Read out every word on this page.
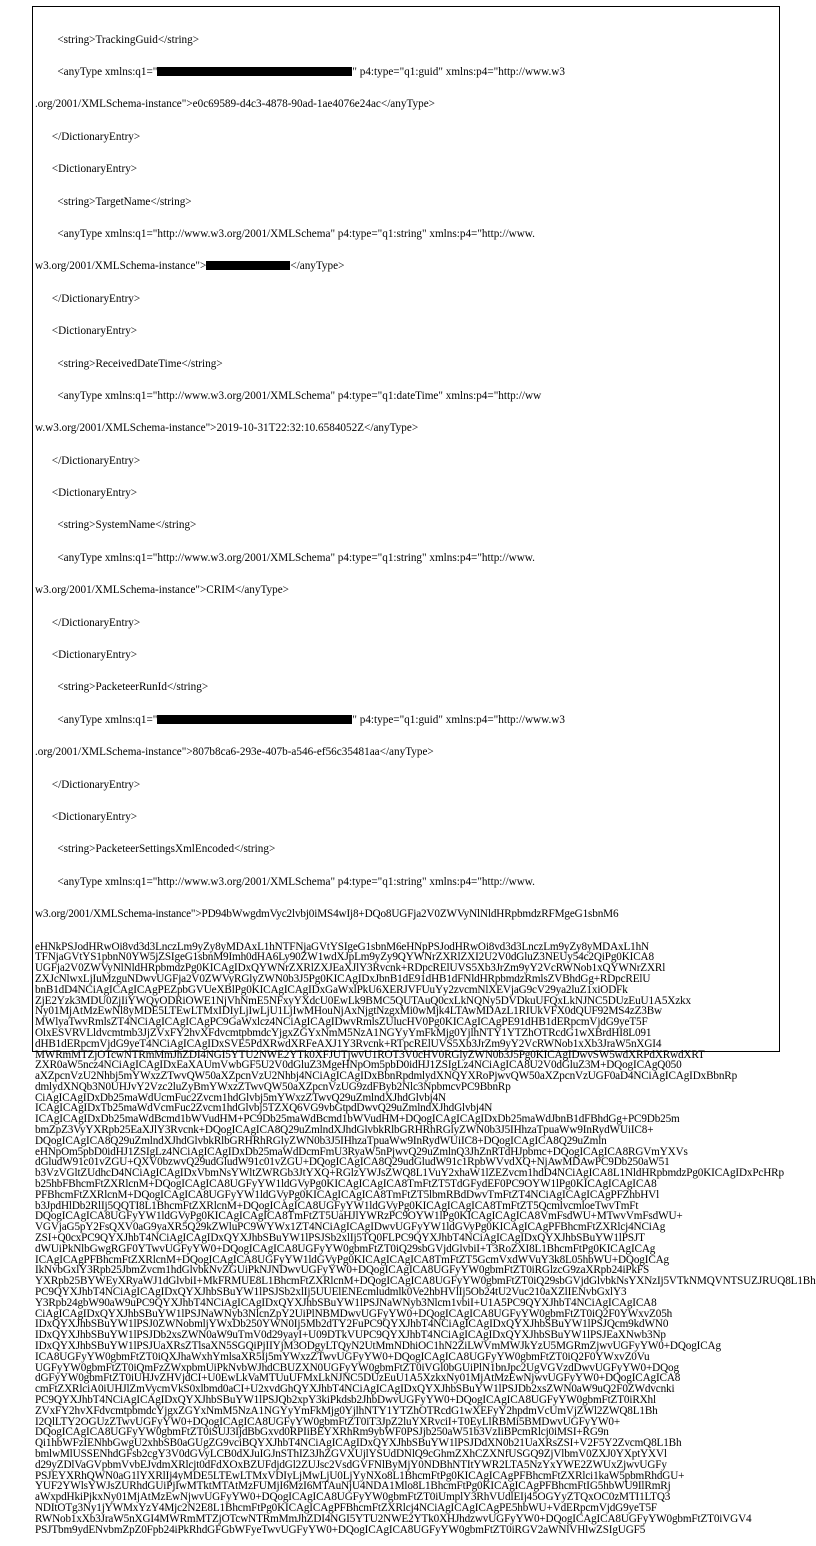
<string>TrackingGuid</string>

<anyType xmlns:q1="	" p4:type="q1:guid" xmlns:p4="http://www.w3

.org/2001/XMLSchema-instance">e0c69589-d4c3-4878-90ad-1ae4076e24ac</anyType>

</DictionaryEntry>

<DictionaryEntry>

<string>TargetName</string>

<anyType xmlns:q1="http://www.w3.org/2001/XMLSchema" p4:type="q1:string" xmlns:p4="http://www.

w3.org/2001/XMLSchema-instance">	</anyType>

</DictionaryEntry>

<DictionaryEntry>

<string>ReceivedDateTime</string>

<anyType xmlns:q1="http://www.w3.org/2001/XMLSchema" p4:type="q1:dateTime" xmlns:p4="http://ww

w.w3.org/2001/XMLSchema-instance">2019-10-31T22:32:10.6584052Z</anyType>

</DictionaryEntry>

<DictionaryEntry>

<string>SystemName</string>

<anyType xmlns:q1="http://www.w3.org/2001/XMLSchema" p4:type="q1:string" xmlns:p4="http://www.

w3.org/2001/XMLSchema-instance">CRIM</anyType>

</DictionaryEntry>

<DictionaryEntry>

<string>PacketeerRunId</string>

<anyType xmlns:q1="	" p4:type="q1:guid" xmlns:p4="http://www.w3

.org/2001/XMLSchema-instance">807b8ca6-293e-407b-a546-ef56c35481aa</anyType>

</DictionaryEntry>

<DictionaryEntry>

<string>PacketeerSettingsXmlEncoded</string>

<anyType xmlns:q1="http://www.w3.org/2001/XMLSchema" p4:type="q1:string" xmlns:p4="http://www.

w3.org/2001/XMLSchema-instance">PD94bWwgdmVyc2lvbj0iMS4wIj8+DQo8UGFja2V0ZWVyNlNldHRpbmdzRFMgeG1sbnM6

eHNkPSJodHRwOi8vd3d3LnczLm9yZy8yMDAxL1hNTFNjaGVtYSIgeG1sbnM6eHNpPSJodHRwOi8vd3d3LnczLm9yZy8yMDAxL1hN
TFNjaGVtYS1pbnN0YW5jZSIgeG1sbnM9Imh0dHA6Ly90ZW1wdXJpLm9yZy9QYWNrZXRlZXI2U2V0dGluZ3NEUy54c2QiPg0KICA8
UGFja2V0ZWVyNlNldHRpbmdzPg0KICAgIDxQYWNrZXRlZXJEaXJlY3Rvcnk+RDpcRElUVS5Xb3JrZm9yY2VcRWNob1xQYWNrZXRl
ZXJcNlwxLjIuMzguNDwvUGFja2V0ZWVyRGlyZWN0b3J5Pg0KICAgIDxJbnB1dE91dHB1dFNldHRpbmdzRmlsZVBhdGg+RDpcRElU
bnB1dD4NCiAgICAgICAgPEZpbGVUeXBlPg0KICAgICAgIDxGaWxlPkU6XERJVFUuYy2zvcmNlXEVjaG9cV29ya2luZ1xiODFk
ZjE2Yzk3MDU0ZjIiYWQyODRiOWE1NjVhNmE5NFxyYXdcU0EwLk9BMC5QUTAuQ0cxLkNQNy5DVDkuUFQxLkNJNC5DUzEuU1A5Xzkx
Ny01MjAtMzEwNl8yMDE5LTEwLTMxIDIyLjIwLjU1LjIwMHouNjAxNjgtNzgxMi0wMjk4LTAwMDAzL1RIUkVFX0dQUF92MS4zZ3Bw
MWlyaTwvRmlsZT4NCiAgICAgICAgPC9GaWxlcz4NCiAgICAgIDwvRmlsZUlucHV0Pg0KICAgICAgPE91dHB1dERpcmVjdG9yeT5F
OlxESVRVLldvcmtmb3JjZVxFY2hvXFdvcmtpbmdcYjgxZGYxNmM5NzA1NGYyYmFkMjg0YjlhNTY1YTZhOTRcdG1wXBrdHI8L091
dHB1dERpcmVjdG9yeT4NCiAgICAgIDxSVE5PdXRwdXRFeAXJ1Y3Rvcnk+RTpcRElUVS5Xb3JrZm9yY2VcRWNob1xXb3JraW5nXGI4
MWRmMTZjOTcwNTRmMmJhZDI4NGI5YTU2NWE2YTk0XFJUTjwvU1ROT3V0cHV0RGlyZWN0b3J5Pg0KICAgIDwvSW5wdXRPdXRwdXRT
ZXR0aW5ncz4NCiAgICAgIDxEaXAUmVwbGF5U2V0dGluZ3MgeHNpOm5pbD0idHJ1ZSIgLz4NCiAgICA8U2V0dGluZ3M+DQogICAgQ050
aXZpcnVzU2Nhbj5mYWxzZTwvQW50aXZpcnVzU2Nhbj4NCiAgICAgIDxBbnRpdmlydXNQYXRoPjwvQW50aXZpcnVzUGF0aD4NCiAgICAgIDxBbnRp
dmlydXNQb3N0UHJvY2Vzc2luZyBmYWxzZTwvQW50aXZpcnVzUG9zdFByb2Nlc3NpbmcvPC9BbnRp
CiAgICAgIDxDb25maWdUcmFuc2Zvcm1hdGlvbj5mYWxzZTwvQ29uZmlndXJhdGlvbj4N
ICAgICAgIDxTb25maWdVcmFuc2Zvcm1hdGlvbj5TZXQ6VG9vbGtpdDwvQ29uZmlndXJhdGlvbj4N
ICAgICAgIDxDb25maWdBcmd1bWVudHM+PC9Db25maWdBcmd1bWVudHM+DQogICAgICAgIDxDb25maWdJbnB1dFBhdGg+PC9Db25m
bmZpZ3VyYXRpb25EaXJlY3Rvcnk+DQogICAgICA8Q29uZmlndXJhdGlvbkRlbGRHRhRGlyZWN0b3J5IHhzaTpuaWw9InRydWUiIC8+
DQogICAgICA8Q29uZmlndXJhdGlvbkRlbGRHRhRGlyZWN0b3J5IHhzaTpuaWw9InRydWUiIC8+DQogICAgICA8Q29uZmln
eHNpOm5pbD0idHJ1ZSIgLz4NCiAgICAgIDxDb25maWdDcmFmU3RyaW5nPjwvQ29uZmlnQ3JhZnRTdHJpbmc+DQogICAgICA8RGVmYXVs
dGludW91c01vZGU+QXV0bzwvQ29udGludW91c01vZGU+DQogICAgICA8Q29udGludW91c1RpbWVvdXQ+NjAwMDAwPC9Db250aW51
b3VzVGltZUdhcD4NCiAgICAgIDxVbmNsYWltZWRGb3JtYXQ+RGlzYWJsZWQ8L1VuY2xhaW1lZEZvcm1hdD4NCiAgICA8L1NldHRpbmdzPg0KICAgIDxPcHRp
b25hbFBhcmFtZXRlcnM+DQogICAgICA8UGFyYW1ldGVyPg0KICAgICAgICA8TmFtZT5TdGFydEF0PC9OYW1lPg0KICAgICAgICA8
PFBhcmFtZXRlcnM+DQogICAgICA8UGFyYW1ldGVyPg0KICAgICAgICA8TmFtZT5lbmRBdDwvTmFtZT4NCiAgICAgICAgPFZhbHVl
b3JpdHlDb2RlIj5QQTI8L1BhcmFtZXRlcnM+DQogICAgICA8UGFyYW1ldGVyPg0KICAgICAgICA8TmFtZT5QcmlvcmloeTwvTmFt
DQogICAgICA8UGFyYW1ldGVyPg0KICAgICAgICA8TmFtZT5UaHJlYWRzPC9OYW1lPg0KICAgICAgICA8VmFsdWU+MTwvVmFsdWU+
VGVjaG5pY2FsQXV0aG9yaXR5Q29kZWluPC9WYWx1ZT4NCiAgICAgIDwvUGFyYW1ldGVyPg0KICAgICAgPFBhcmFtZXRlcj4NCiAg
ZSI+Q0cxPC9QYXJhbT4NCiAgICAgIDxQYXJhbSBuYW1lPSJSb2xlIj5TQ0FLPC9QYXJhbT4NCiAgICAgIDxQYXJhbSBuYW1lPSJT
dWUiPkNlbGwgRGF0YTwvUGFyYW0+DQogICAgICA8UGFyYW0gbmFtZT0iQ29sbGVjdGlvbiI+T3RoZXI8L1BhcmFtPg0KICAgICAg
ICAgICAgPFBhcmFtZXRlcnM+DQogICAgICA8UGFyYW1ldGVyPg0KICAgICAgICA8TmFtZT5GcmVxdWVuY3k8L05hbWU+DQogICAg
IkNvbGxlY3Rpb25JbmZvcm1hdGlvbkNvZGUiPkNJNDwvUGFyYW0+DQogICAgICA8UGFyYW0gbmFtZT0iRGlzcG9zaXRpb24iPkFS
YXRpb25BYWEyXRyaWJ1dGlvbiI+MkFRMUE8L1BhcmFtZXRlcnM+DQogICAgICA8UGFyYW0gbmFtZT0iQ29sbGVjdGlvbkNsYXNzIj5VTkNMQVNTSUZJRUQ8L1Bh
PC9QYXJhbT4NCiAgICAgIDxQYXJhbSBuYW1lPSJSb2xlIj5UUElENEcmludmlk0Ve2hbHVlIj5Ob24tU2Vuc210aXZlIENvbGxlY3
Y3Rpb24gbW90aW9uPC9QYXJhbT4NCiAgICAgIDxQYXJhbSBuYW1lPSJNaWNyb3Nlcm1vbiI+U1A5PC9QYXJhbT4NCiAgICAgICA8
CiAgICAgIDxQYXJhbSBuYW1lPSJNaWNyb3NlcnZpY2UiPlNBMDwvUGFyYW0+DQogICAgICA8UGFyYW0gbmFtZT0iQ2F0YWxvZ05h
IDxQYXJhbSBuYW1lPSJ0ZWNobmljYWxDb250YWN0Ij5Mb2dTY2FuPC9QYXJhbT4NCiAgICAgIDxQYXJhbSBuYW1lPSJQcm9kdWN0
IDxQYXJhbSBuYW1lPSJDb2xsZWN0aW9uTmV0d29yayI+U09DTkVUPC9QYXJhbT4NCiAgICAgIDxQYXJhbSBuYW1lPSJEaXNwb3Np
IDxQYXJhbSBuYW1lPSJUaXRsZTlsaXN5SGQiPjIIYjM3ODgyLTQyN2UtMmNDhiOC1hN2ZiLWVmMWJkYzU5MGRmZjwvUGFyYW0+DQogICAg
ICA8UGFyYW0gbmFtZT0iQXJhaWxhYmlsaXR5Ij5mYWxzZTwvUGFyYW0+DQogICAgICA8UGFyYW0gbmFtZT0iQ2F0YWxvZ0Vu
UGFyYW0gbmFtZT0iQmFzZWxpbmUiPkNvbWJhdCBUZXN0UGFyYW0gbmFtZT0iVGl0bGUiPlN1bnJpc2UgVGVzdDwvUGFyYW0+DQog
dGFyYW0gbmFtZT0iUHJvZHVjdCI+U0EwLkVaMTUuUFMxLkNJNC5DUzEuU1A5XzkxNy01MjAtMzEwNjwvUGFyYW0+DQogICAgICA8
cmFtZXRlciA0iUHJlZmVycmVkS0xlbmd0aCI+U2xvdGhQYXJhbT4NCiAgICAgIDxQYXJhbSBuYW1lPSJDb2xsZWN0aW9uQ2F0ZWdvcnki
PC9QYXJhbT4NCiAgICAgIDxQYXJhbSBuYW1lPSJQb2xpY3kiPkdsb2JhbDwvUGFyYW0+DQogICAgICA8UGFyYW0gbmFtZT0iRXhl
ZVxFY2hvXFdvcmtpbmdcYjgxZGYxNmM5NzA1NGYyYmFkMjg0YjlhNTY1YTZhOTRcdG1wXEFyY2hpdmVcUmVjZWl2ZWQ8L1Bh
I2QlLTY2OGUzZTwvUGFyYW0+DQogICAgICA8UGFyYW0gbmFtZT0iT3JpZ2luYXRvciI+T0EyLlRBMi5BMDwvUGFyYW0+
DQogICAgICA8UGFyYW0gbmFtZT0iSUJ3IjdBbGxvd0RPIiBEYXRhRm9ybWF0PSJjb250aW51b3VzIiBPcmRlcj0iMSI+RG9n
Qi1hbWFzIENhbGwgU2xhbSB0aGUgZG9vciBQYXJhbT4NCiAgICAgIDxQYXJhbSBuYW1lPSJDdXN0b21UaXRsZSI+V2F5Y2ZvcmQ8L1Bh
bmlwMlUSSENhdGFsb2cgY3V0dGVyLCB0dXJuIGJnSThIZ3JhZGVXUjlYSUdDNlQ9cGhmZXhCZXNfUSGQ9ZjVlbmV0ZXJ0YXptYXVl
d29yZDlVaGVpbmVvbEJvdmXRlcjt0dFdXOxBZUFdjdGl2ZUJsc2VsdGVFNlByMjY0NDBhNTItYWR2LTA5NzYxYWE2ZWUxZjwvUGFy
PSJEYXRhQWN0aG1lYXRlIj4yMDE5LTEwLTMxVDIyLjMwLjU0LjYyNXo8L1BhcmFtPg0KICAgICAgPFBhcmFtZXRlci1kaW5pbmRhdGU+
YUF2YWlsYWJsZURhdGUiPjIwMTktMTAtMzFUMjI6MzI6MTAuNjU4NDA1Mlo8L1BhcmFtPg0KICAgICAgPFBhcmFtIG5hbWU9IlRmRj
aWxpdHkiPjkxNy01MjAtMzEwNjwvUGFyYW0+DQogICAgICA8UGFyYW0gbmFtZT0iUmplY3RhVUdlEIj45OGYyZTQxOC0zMTI1LTQ3
NDItOTg3Ny1jYWMxYzY4Mjc2N2E8L1BhcmFtPg0KICAgICAgPFBhcmFtZXRlcj4NCiAgICAgICAgPE5hbWU+VdERpcmVjdG9yeT5F
RWNob1xXb3JraW5nXGI4MWRmMTZjOTcwNTRmMmJhZDI4NGI5YTU2NWE2YTk0XHJhdzwvUGFyYW0+DQogICAgICA8UGFyYW0gbmFtZT0iVGV4
PSJTbm9ydENvbmZpZ0Fpb24iPkRhdGFGbWFyeTwvUGFyYW0+DQogICAgICA8UGFyYW0gbmFtZT0iRGV2aWNlVHlwZSIgUGF5
